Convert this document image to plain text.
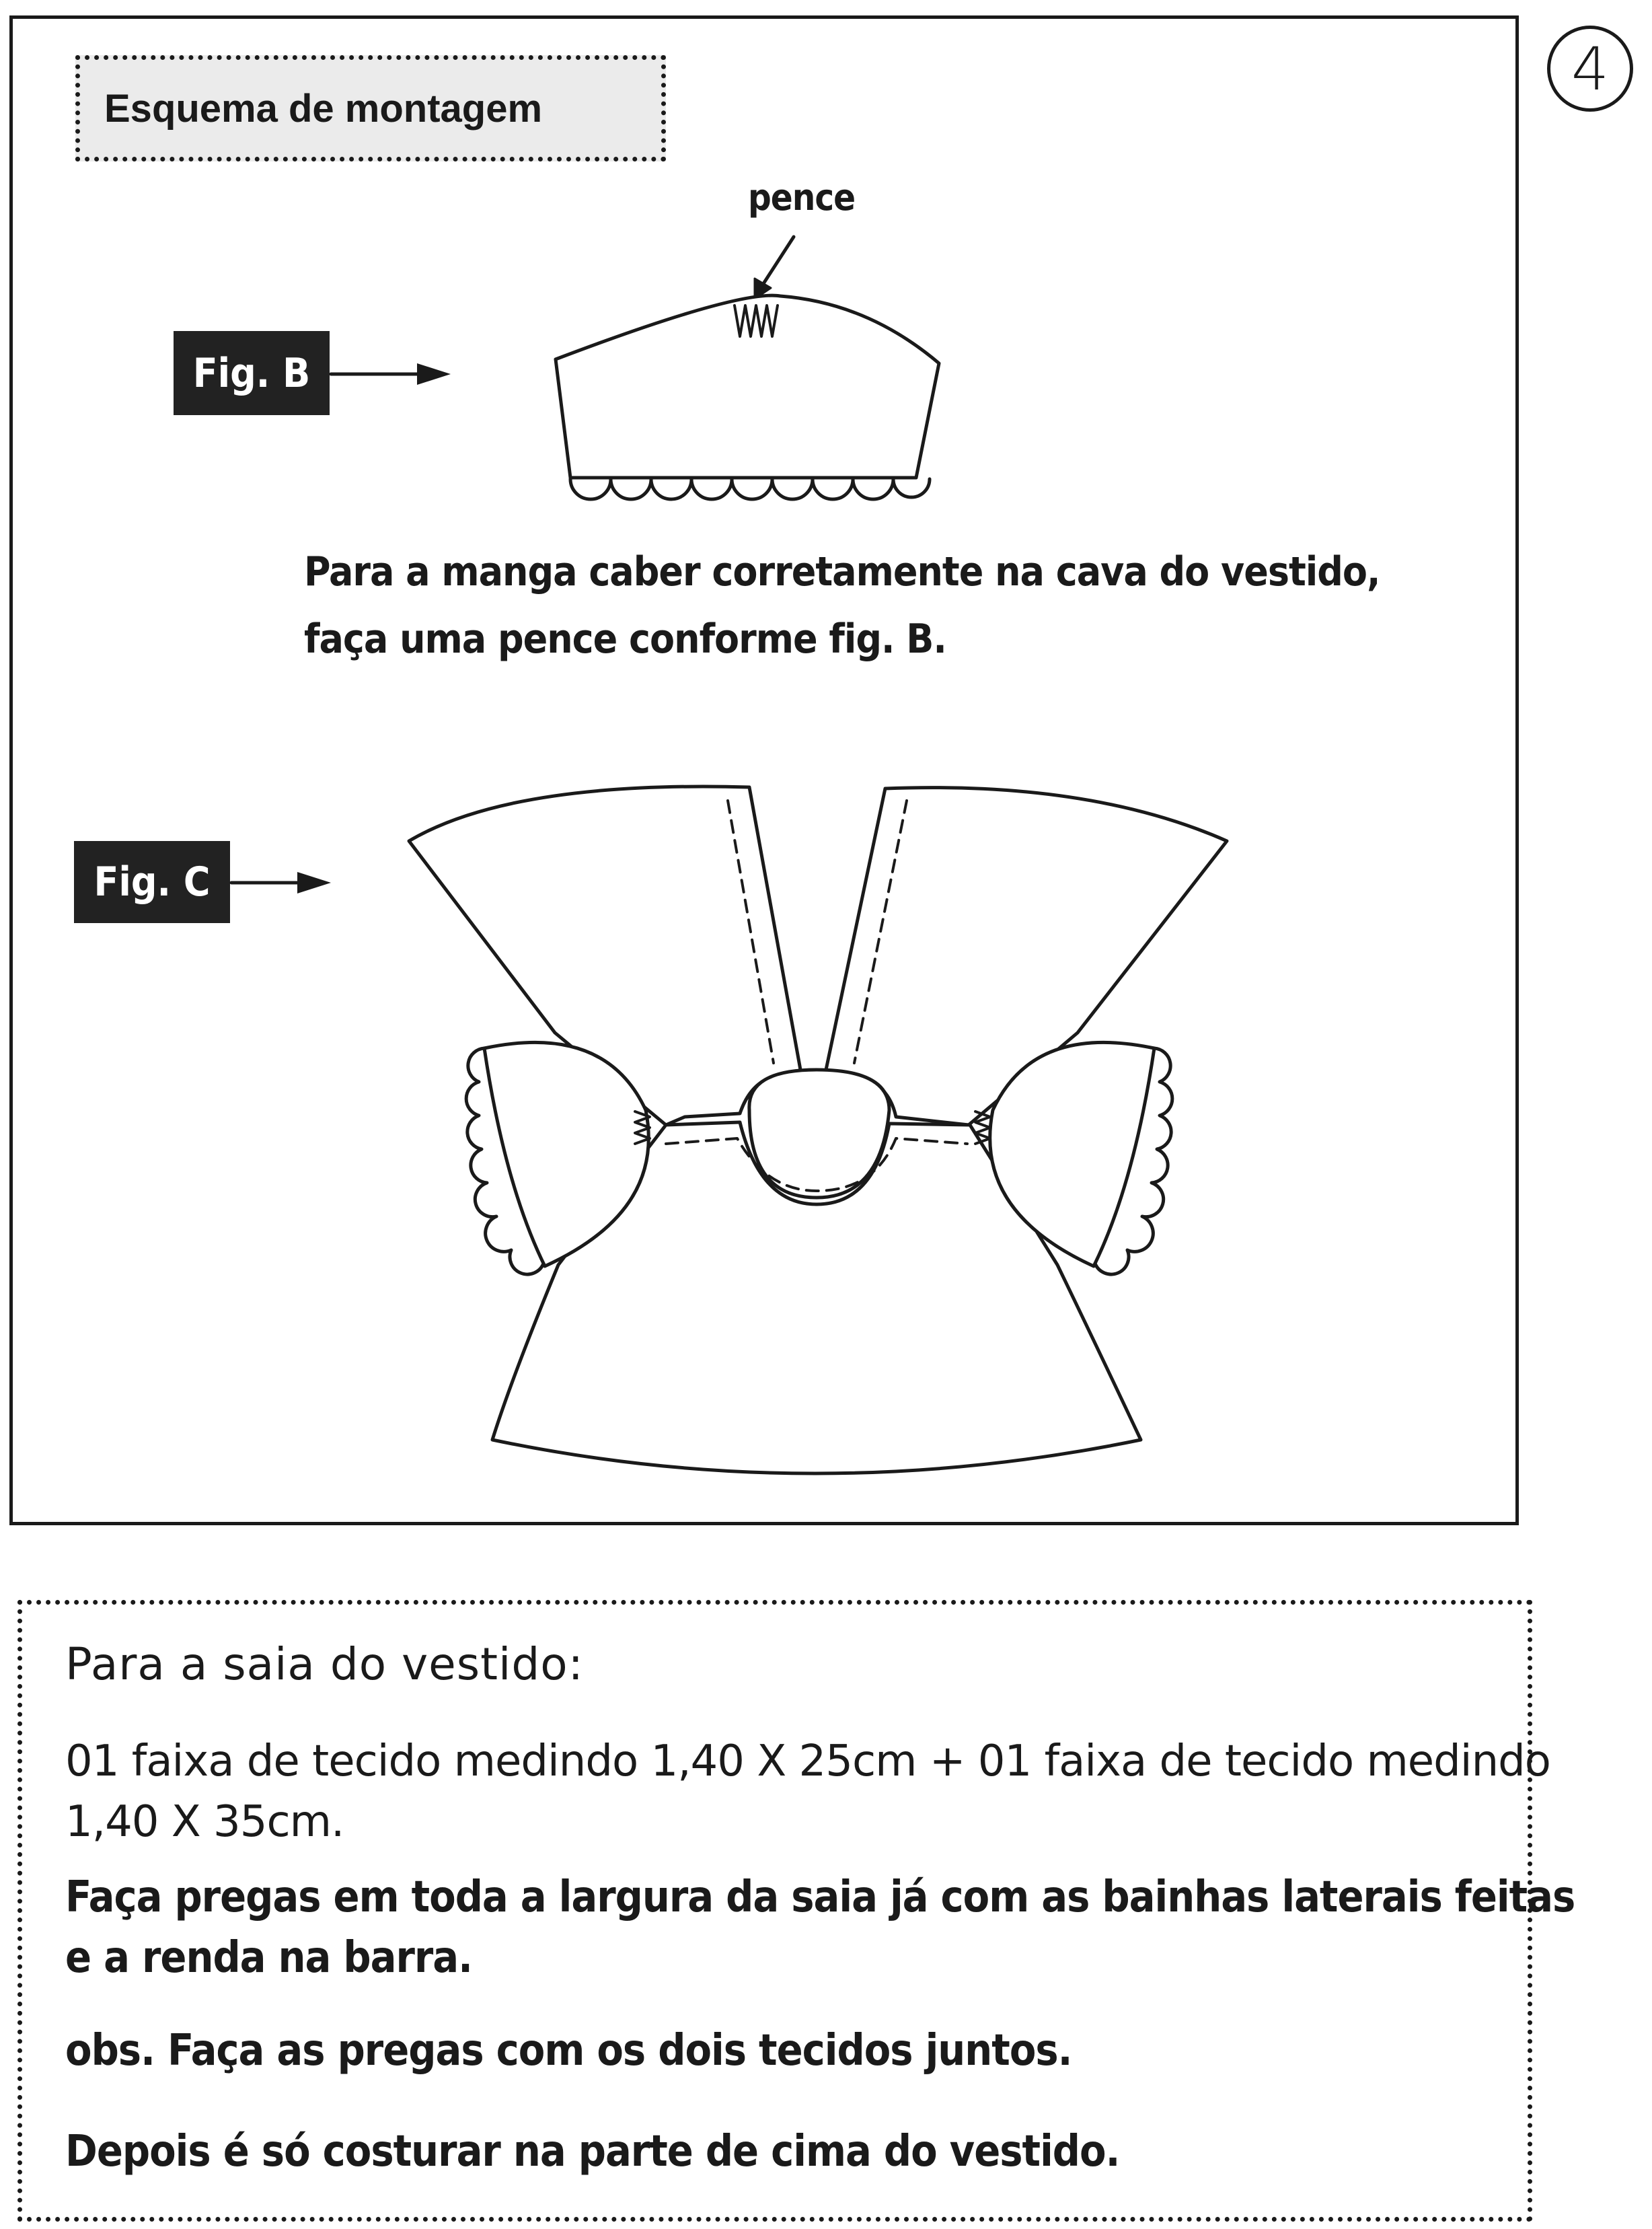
4
Esquema de montagem
Fig. B
Fig. C
pence
Para a manga caber corretamente na cava do vestido,
faça uma pence conforme fig. B.
Para a saia do vestido:
01 faixa de tecido medindo 1,40 X 25cm + 01 faixa de tecido medindo
1,40 X 35cm.
Faça pregas em toda a largura da saia já com as bainhas laterais feitas
e a renda na barra.
obs. Faça as pregas com os dois tecidos juntos.
Depois é só costurar na parte de cima do vestido.
